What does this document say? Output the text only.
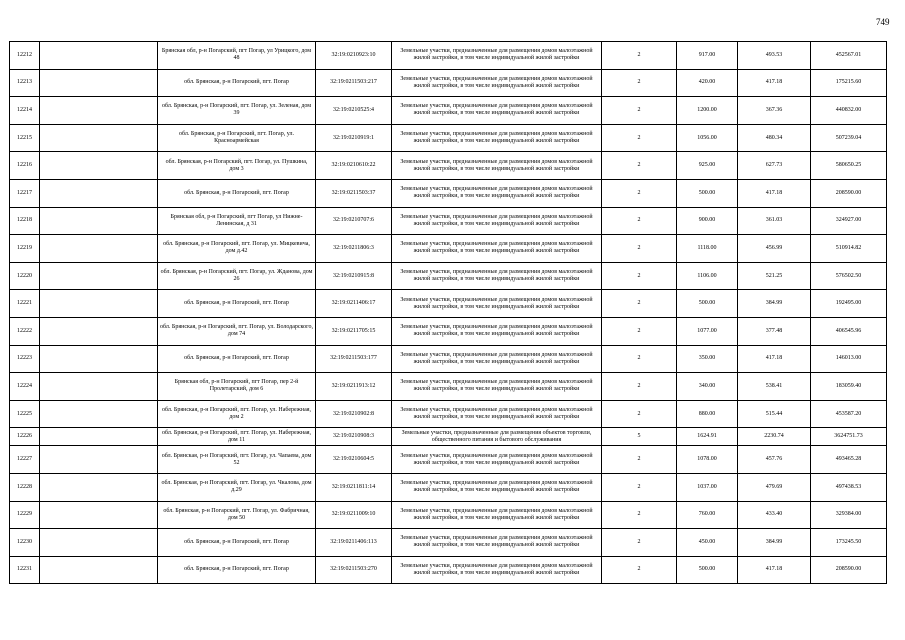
749
12212		Брянская обл, р-н Погарский, пгт Погар, ул Урицкого, дом 48	32:19:0210923:10	Земельные участки, предназначенные для размещения домов малоэтажной жилой застройки, в том числе индивидуальной жилой застройки	2	917.00	493.53	452567.01
12213		обл. Брянская, р-н Погарский, пгт. Погар	32:19:0211503:217	Земельные участки, предназначенные для размещения домов малоэтажной жилой застройки, в том числе индивидуальной жилой застройки	2	420.00	417.18	175215.60
12214		обл. Брянская, р-н Погарский, пгт. Погар, ул. Зеленая, дом 39	32:19:0210525:4	Земельные участки, предназначенные для размещения домов малоэтажной жилой застройки, в том числе индивидуальной жилой застройки	2	1200.00	367.36	440832.00
12215		обл. Брянская, р-н Погарский, пгт. Погар, ул. Красноармейская	32:19:0210919:1	Земельные участки, предназначенные для размещения домов малоэтажной жилой застройки, в том числе индивидуальной жилой застройки	2	1056.00	480.34	507239.04
12216		обл. Брянская, р-н Погарский, пгт. Погар, ул. Пушкина, дом 3	32:19:0210610:22	Земельные участки, предназначенные для размещения домов малоэтажной жилой застройки, в том числе индивидуальной жилой застройки	2	925.00	627.73	580650.25
12217		обл. Брянская, р-н Погарский, пгт. Погар	32:19:0211503:37	Земельные участки, предназначенные для размещения домов малоэтажной жилой застройки, в том числе индивидуальной жилой застройки	2	500.00	417.18	208590.00
12218		Брянская обл, р-н Погарский, пгт Погар, ул Нижне-Ленинская, д 31	32:19:0210707:6	Земельные участки, предназначенные для размещения домов малоэтажной жилой застройки, в том числе индивидуальной жилой застройки	2	900.00	361.03	324927.00
12219		обл. Брянская, р-н Погарский, пгт. Погар, ул. Мицкевича, дом д.42	32:19:0211806:3	Земельные участки, предназначенные для размещения домов малоэтажной жилой застройки, в том числе индивидуальной жилой застройки	2	1118.00	456.99	510914.82
12220		обл. Брянская, р-н Погарский, пгт. Погар, ул. Жданова, дом 26	32:19:0210915:8	Земельные участки, предназначенные для размещения домов малоэтажной жилой застройки, в том числе индивидуальной жилой застройки	2	1106.00	521.25	576502.50
12221		обл. Брянская, р-н Погарский, пгт. Погар	32:19:0211406:17	Земельные участки, предназначенные для размещения домов малоэтажной жилой застройки, в том числе индивидуальной жилой застройки	2	500.00	384.99	192495.00
12222		обл. Брянская, р-н Погарский, пгт. Погар, ул. Володарского, дом 74	32:19:0211705:15	Земельные участки, предназначенные для размещения домов малоэтажной жилой застройки, в том числе индивидуальной жилой застройки	2	1077.00	377.48	406545.96
12223		обл. Брянская, р-н Погарский, пгт. Погар	32:19:0211503:177	Земельные участки, предназначенные для размещения домов малоэтажной жилой застройки, в том числе индивидуальной жилой застройки	2	350.00	417.18	146013.00
12224		Брянская обл, р-н Погарский, пгт Погар, пер 2-й Пролетарский, дом 6	32:19:0211913:12	Земельные участки, предназначенные для размещения домов малоэтажной жилой застройки, в том числе индивидуальной жилой застройки	2	340.00	538.41	183059.40
12225		обл. Брянская, р-н Погарский, пгт. Погар, ул. Набережная, дом 2	32:19:0210902:8	Земельные участки, предназначенные для размещения домов малоэтажной жилой застройки, в том числе индивидуальной жилой застройки	2	880.00	515.44	453587.20
12226		обл. Брянская, р-н Погарский, пгт. Погар, ул. Набережная, дом 11	32:19:0210908:3	Земельные участки, предназначенные для размещения объектов торговли, общественного питания и бытового обслуживания	5	1624.91	2230.74	3624751.73
12227		обл. Брянская, р-н Погарский, пгт. Погар, ул. Чапаева, дом 52	32:19:0210604:5	Земельные участки, предназначенные для размещения домов малоэтажной жилой застройки, в том числе индивидуальной жилой застройки	2	1078.00	457.76	493465.28
12228		обл. Брянская, р-н Погарский, пгт. Погар, ул. Чкалова, дом д.29	32:19:0211811:14	Земельные участки, предназначенные для размещения домов малоэтажной жилой застройки, в том числе индивидуальной жилой застройки	2	1037.00	479.69	497438.53
12229		обл. Брянская, р-н Погарский, пгт. Погар, ул. Фабричная, дом 50	32:19:0211009:10	Земельные участки, предназначенные для размещения домов малоэтажной жилой застройки, в том числе индивидуальной жилой застройки	2	760.00	433.40	329384.00
12230		обл. Брянская, р-н Погарский, пгт. Погар	32:19:0211406:113	Земельные участки, предназначенные для размещения домов малоэтажной жилой застройки, в том числе индивидуальной жилой застройки	2	450.00	384.99	173245.50
12231		обл. Брянская, р-н Погарский, пгт. Погар	32:19:0211503:270	Земельные участки, предназначенные для размещения домов малоэтажной жилой застройки, в том числе индивидуальной жилой застройки	2	500.00	417.18	208590.00
